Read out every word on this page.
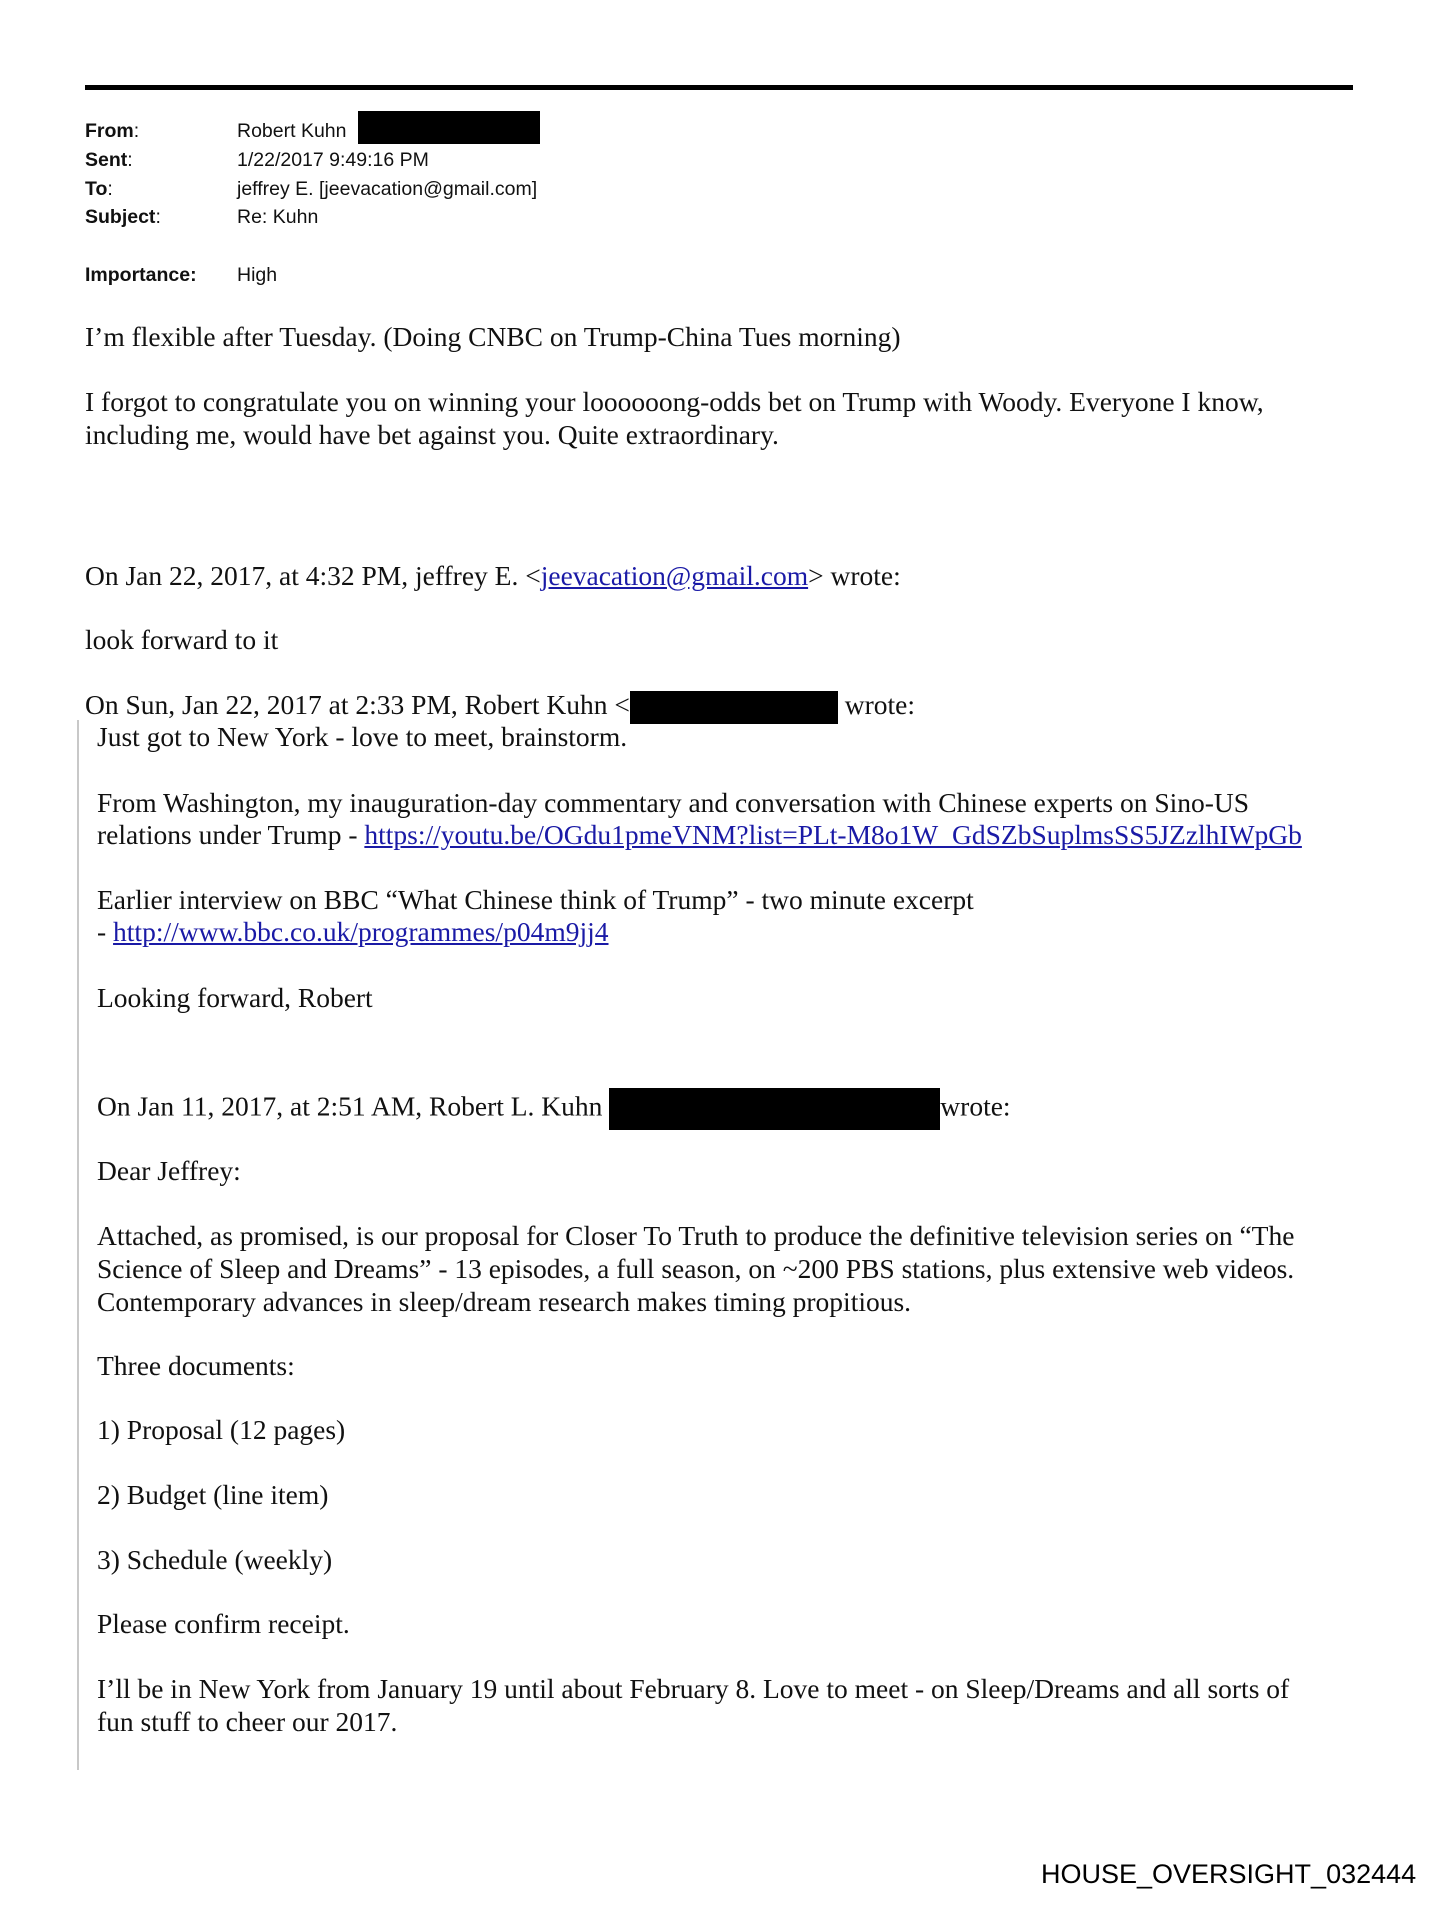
From:	Robert Kuhn
Sent:	1/22/2017 9:49:16 PM
To:	jeffrey E. [jeevacation@gmail.com]
Subject:	Re: Kuhn
Importance: High
I’m flexible after Tuesday. (Doing CNBC on Trump-China Tues morning)
I forgot to congratulate you on winning your loooooong-odds bet on Trump with Woody. Everyone I know,
including me, would have bet against you. Quite extraordinary.
On Jan 22, 2017, at 4:32 PM, jeffrey E. <jeevacation@gmail.com> wrote:
look forward to it
On Sun, Jan 22, 2017 at 2:33 PM, Robert Kuhn <	wrote:
Just got to New York - love to meet, brainstorm.
From Washington, my inauguration-day commentary and conversation with Chinese experts on Sino-US
relations under Trump - https://youtu.be/OGdu1pmeVNM?list=PLt-M8o1W_GdSZbSuplmsSS5JZzlhIWpGb
Earlier interview on BBC “What Chinese think of Trump” - two minute excerpt
- http://www.bbc.co.uk/programmes/p04m9jj4
Looking forward, Robert
On Jan 11, 2017, at 2:51 AM, Robert L. Kuhn	wrote:
Dear Jeffrey:
Attached, as promised, is our proposal for Closer To Truth to produce the definitive television series on “The
Science of Sleep and Dreams” - 13 episodes, a full season, on ~200 PBS stations, plus extensive web videos.
Contemporary advances in sleep/dream research makes timing propitious.
Three documents:
1) Proposal (12 pages)
2) Budget (line item)
3) Schedule (weekly)
Please confirm receipt.
I’ll be in New York from January 19 until about February 8. Love to meet - on Sleep/Dreams and all sorts of
fun stuff to cheer our 2017.
HOUSE_OVERSIGHT_032444
